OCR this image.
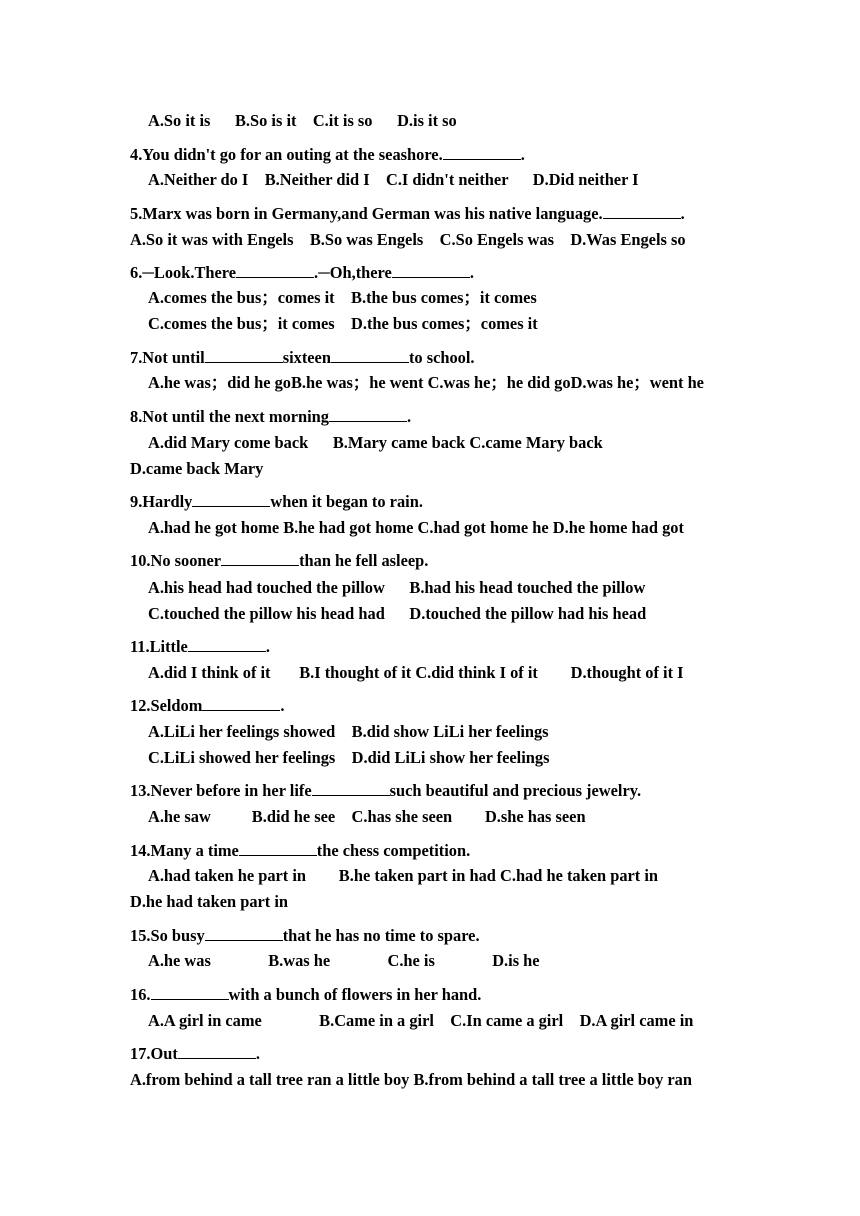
A.So it is      B.So is it    C.it is so      D.is it so
4.You didn't go for an outing at the seashore.	.
A.Neither do I    B.Neither did I    C.I didn't neither      D.Did neither I
5.Marx was born in Germany,and German was his native language.	.
A.So it was with Engels    B.So was Engels    C.So Engels was    D.Was Engels so
6.─Look.There	.─Oh,there	.
A.comes the bus；comes it    B.the bus comes；it comes
C.comes the bus；it comes    D.the bus comes；comes it
7.Not until	sixteen	to school.
A.he was；did he goB.he was；he went C.was he；he did goD.was he；went he
8.Not until the next morning	.
A.did Mary come back      B.Mary came back C.came Mary back
D.came back Mary
9.Hardly	when it began to rain.
A.had he got home B.he had got home C.had got home he D.he home had got
10.No sooner	than he fell asleep.
A.his head had touched the pillow      B.had his head touched the pillow
C.touched the pillow his head had      D.touched the pillow had his head
11.Little	.
A.did I think of it       B.I thought of it C.did think I of it        D.thought of it I
12.Seldom	.
A.LiLi her feelings showed    B.did show LiLi her feelings
C.LiLi showed her feelings    D.did LiLi show her feelings
13.Never before in her life	such beautiful and precious jewelry.
A.he saw          B.did he see    C.has she seen        D.she has seen
14.Many a time	the chess competition.
A.had taken he part in        B.he taken part in had C.had he taken part in
D.he had taken part in
15.So busy	that he has no time to spare.
A.he was              B.was he              C.he is              D.is he
16.	with a bunch of flowers in her hand.
A.A girl in came              B.Came in a girl    C.In came a girl    D.A girl came in
17.Out	.
A.from behind a tall tree ran a little boy B.from behind a tall tree a little boy ran
